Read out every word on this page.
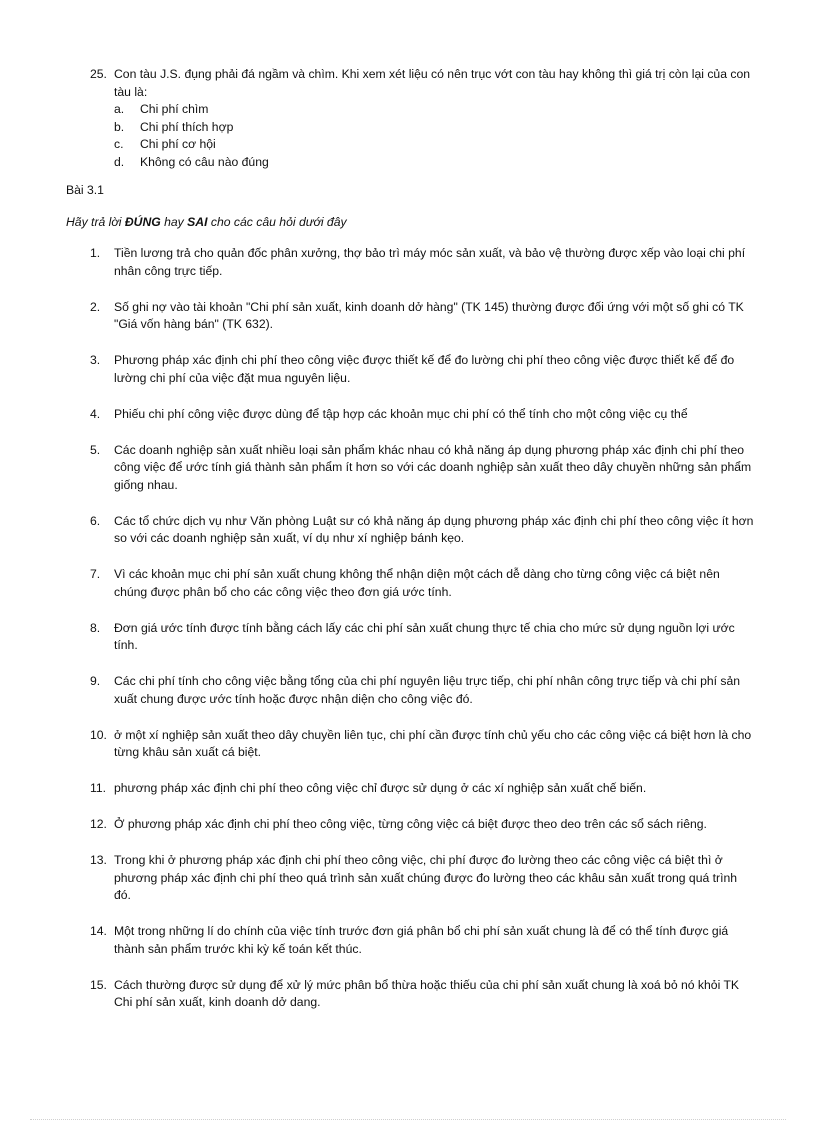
25. Con tàu J.S. đụng phải đá ngầm và chìm. Khi xem xét liệu có nên trục vớt con tàu hay không thì giá trị còn lại của con tàu là:
a.	Chi phí chìm
b.	Chi phí thích hợp
c.	Chi phí cơ hội
d.	Không có câu nào đúng
Bài 3.1
Hãy trả lời ĐÚNG hay SAI cho các câu hỏi dưới đây
1.	Tiền lương trả cho quản đốc phân xưởng, thợ bảo trì máy móc sản xuất, và bảo vệ thường được xếp vào loại chi phí nhân công trực tiếp.
2.	Số ghi nợ vào tài khoản "Chi phí sản xuất, kinh doanh dở hàng" (TK 145) thường được đối ứng với một số ghi có TK "Giá vốn hàng bán" (TK 632).
3.	Phương pháp xác định chi phí theo công việc được thiết kế để đo lường chi phí theo công việc được thiết kế để đo lường chi phí của việc đặt mua nguyên liệu.
4.	Phiếu chi phí công việc được dùng để tập hợp các khoản mục chi phí có thể tính cho một công việc cụ thể
5.	Các doanh nghiệp sản xuất nhiều loại sản phẩm khác nhau có khả năng áp dụng phương pháp xác định chi phí theo công việc để ước tính giá thành sản phẩm ít hơn so với các doanh nghiệp sản xuất theo dây chuyền những sản phẩm giống nhau.
6.	Các tổ chức dịch vụ như Văn phòng Luật sư có khả năng áp dụng phương pháp xác định chi phí theo công việc ít hơn so với các doanh nghiệp sản xuất, ví dụ như xí nghiệp bánh kẹo.
7.	Vì các khoản mục chi phí sản xuất chung không thể nhận diện một cách dễ dàng cho từng công việc cá biệt nên chúng được phân bổ cho các công việc theo đơn giá ước tính.
8.	Đơn giá ước tính được tính bằng cách lấy các chi phí sản xuất chung thực tế chia cho mức sử dụng nguồn lợi ước tính.
9.	Các chi phí tính cho công việc bằng tổng của chi phí nguyên liệu trực tiếp, chi phí nhân công trực tiếp và chi phí sản xuất chung được ước tính hoặc được nhận diện cho công việc đó.
10. ở một xí nghiệp sản xuất theo dây chuyền liên tục, chi phí cần được tính chủ yếu cho các công việc cá biệt hơn là cho từng khâu sản xuất cá biệt.
11. phương pháp xác định chi phí theo công việc chỉ được sử dụng ở các xí nghiệp sản xuất chế biến.
12. Ở phương pháp xác định chi phí theo công việc, từng công việc cá biệt được theo deo trên các sổ sách riêng.
13. Trong khi ở phương pháp xác định chi phí theo công việc, chi phí được đo lường theo các công việc cá biệt thì ở phương pháp xác định chi phí theo quá trình sản xuất chúng được đo lường theo các khâu sản xuất trong quá trình đó.
14. Một trong những lí do chính của việc tính trước đơn giá phân bổ chi phí sản xuất chung là để có thể tính được giá thành sản phẩm trước khi kỳ kế toán kết thúc.
15. Cách thường được sử dụng để xử lý mức phân bổ thừa hoặc thiếu của chi phí sản xuất chung là xoá bỏ nó khỏi TK Chi phí sản xuất, kinh doanh dở dang.
